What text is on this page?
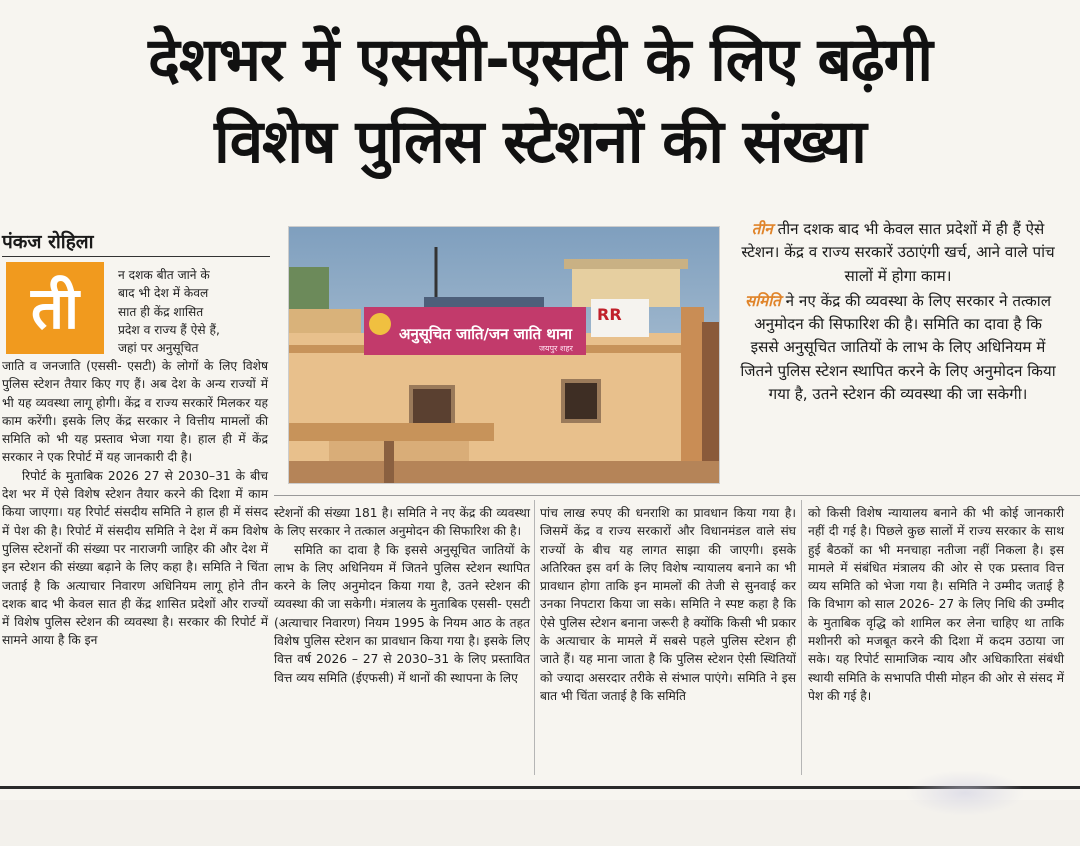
देशभर में एससी-एसटी के लिए बढ़ेगी
विशेष पुलिस स्टेशनों की संख्या
पंकज रोहिला
ती	न दशक बीत जाने के
बाद भी देश में केवल
सात ही केंद्र शासित
प्रदेश व राज्य हैं ऐसे हैं,
जहां पर अनुसूचित

जाति व जनजाति (एससी- एसटी) के लोगों के लिए विशेष पुलिस स्टेशन तैयार किए गए हैं। अब देश के अन्य राज्यों में भी यह व्यवस्था लागू होगी। केंद्र व राज्य सरकारें मिलकर यह काम करेंगी। इसके लिए केंद्र सरकार ने वित्तीय मामलों की समिति को भी यह प्रस्ताव भेजा गया है। हाल ही में केंद्र सरकार ने एक रिपोर्ट में यह जानकारी दी है।

रिपोर्ट के मुताबिक 2026 27 से 2030–31 के बीच देश भर में ऐसे विशेष स्टेशन तैयार करने की दिशा में काम किया जाएगा। यह रिपोर्ट संसदीय समिति ने हाल ही में संसद में पेश की है। रिपोर्ट में संसदीय समिति ने देश में कम विशेष पुलिस स्टेशनों की संख्या पर नाराजगी जाहिर की और देश में इन स्टेशन की संख्या बढ़ाने के लिए कहा है। समिति ने चिंता जताई है कि अत्याचार निवारण अधिनियम लागू होने तीन दशक बाद भी केवल सात ही केंद्र शासित प्रदेशों और राज्यों में विशेष पुलिस स्टेशन की व्यवस्था है। सरकार की रिपोर्ट में सामने आया है कि इन

अनुसूचित जाति/जन जाति थाना
जयपुर शहर
RR

तीन तीन दशक बाद भी केवल सात प्रदेशों में ही हैं ऐसे स्टेशन। केंद्र व राज्य सरकारें उठाएंगी खर्च, आने वाले पांच सालों में होगा काम।

समिति ने नए केंद्र की व्यवस्था के लिए सरकार ने तत्काल अनुमोदन की सिफारिश की है। समिति का दावा है कि इससे अनुसूचित जातियों के लाभ के लिए अधिनियम में जितने पुलिस स्टेशन स्थापित करने के लिए अनुमोदन किया गया है, उतने स्टेशन की व्यवस्था की जा सकेगी।

स्टेशनों की संख्या 181 है। समिति ने नए केंद्र की व्यवस्था के लिए सरकार ने तत्काल अनुमोदन की सिफारिश की है।

समिति का दावा है कि इससे अनुसूचित जातियों के लाभ के लिए अधिनियम में जितने पुलिस स्टेशन स्थापित करने के लिए अनुमोदन किया गया है, उतने स्टेशन की व्यवस्था की जा सकेगी। मंत्रालय के मुताबिक एससी- एसटी (अत्याचार निवारण) नियम 1995 के नियम आठ के तहत विशेष पुलिस स्टेशन का प्रावधान किया गया है। इसके लिए वित्त वर्ष 2026 – 27 से 2030–31 के लिए प्रस्तावित वित्त व्यय समिति (ईएफसी) में थानों की स्थापना के लिए

पांच लाख रुपए की धनराशि का प्रावधान किया गया है। जिसमें केंद्र व राज्य सरकारों और विधानमंडल वाले संघ राज्यों के बीच यह लागत साझा की जाएगी। इसके अतिरिक्त इस वर्ग के लिए विशेष न्यायालय बनाने का भी प्रावधान होगा ताकि इन मामलों की तेजी से सुनवाई कर उनका निपटारा किया जा सके। समिति ने स्पष्ट कहा है कि ऐसे पुलिस स्टेशन बनाना जरूरी है क्योंकि किसी भी प्रकार के अत्याचार के मामले में सबसे पहले पुलिस स्टेशन ही जाते हैं। यह माना जाता है कि पुलिस स्टेशन ऐसी स्थितियों को ज्यादा असरदार तरीके से संभाल पाएंगे। समिति ने इस बात भी चिंता जताई है कि समिति

को किसी विशेष न्यायालय बनाने की भी कोई जानकारी नहीं दी गई है। पिछले कुछ सालों में राज्य सरकार के साथ हुई बैठकों का भी मनचाहा नतीजा नहीं निकला है। इस मामले में संबंधित मंत्रालय की ओर से एक प्रस्ताव वित्त व्यय समिति को भेजा गया है। समिति ने उम्मीद जताई है कि विभाग को साल 2026- 27 के लिए निधि की उम्मीद के मुताबिक वृद्धि को शामिल कर लेना चाहिए था ताकि मशीनरी को मजबूत करने की दिशा में कदम उठाया जा सके। यह रिपोर्ट सामाजिक न्याय और अधिकारिता संबंधी स्थायी समिति के सभापति पीसी मोहन की ओर से संसद में पेश की गई है।
